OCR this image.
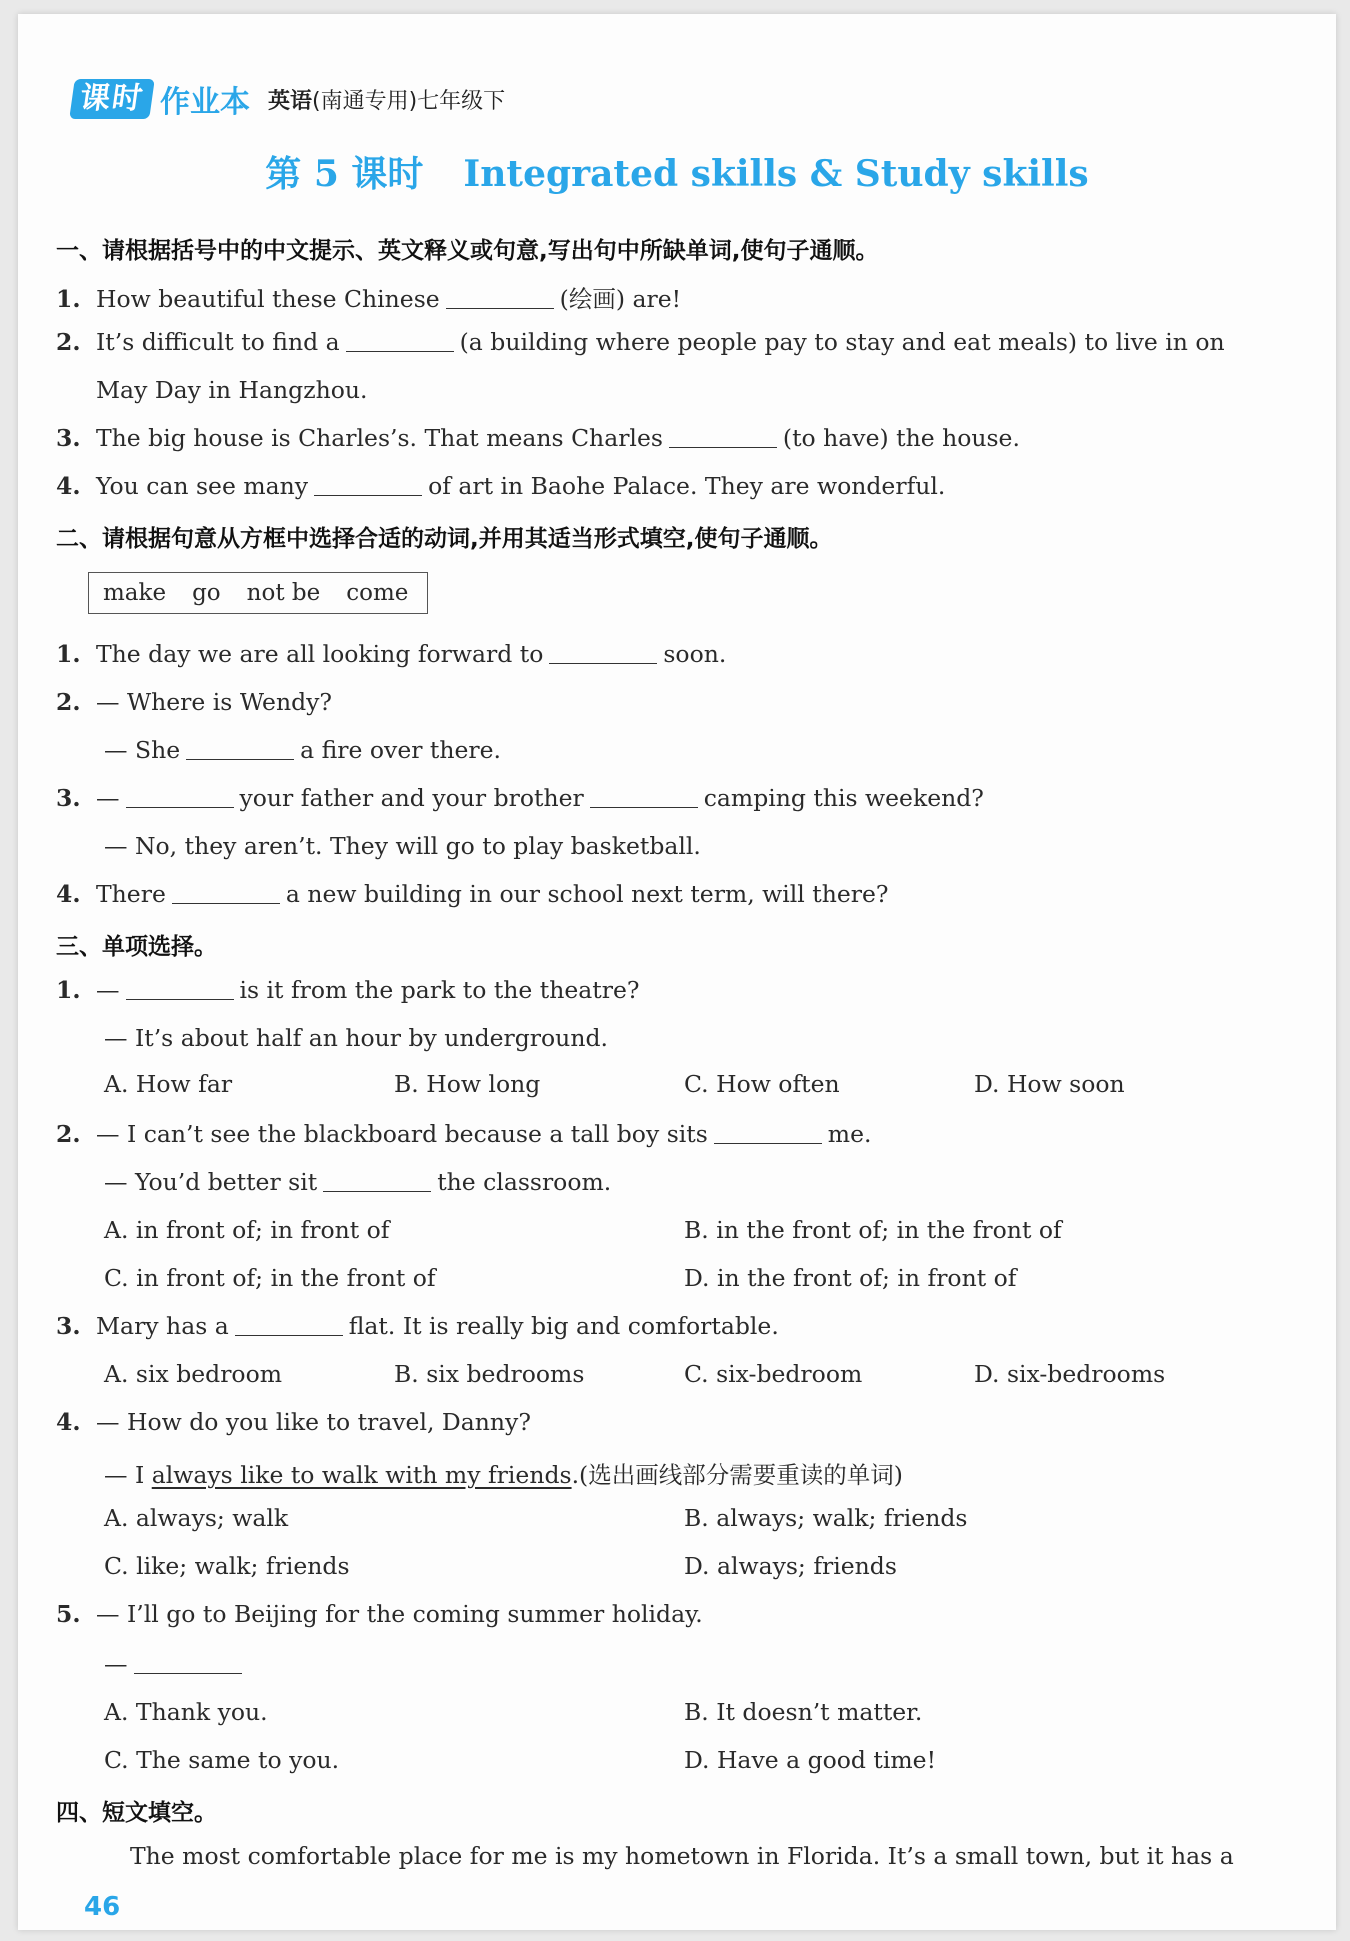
课时 作业本 英语(南通专用)七年级下
第 5 课时 Integrated skills & Study skills
一、请根据括号中的中文提示、英文释义或句意,写出句中所缺单词,使句子通顺。
1. How beautiful these Chinese	(绘画) are!
2. It’s difficult to find a	(a building where people pay to stay and eat meals) to live in on
May Day in Hangzhou.
3. The big house is Charles’s. That means Charles	(to have) the house.
4. You can see many	of art in Baohe Palace. They are wonderful.
二、请根据句意从方框中选择合适的动词,并用其适当形式填空,使句子通顺。
make go not be come
1. The day we are all looking forward to	soon.
2. — Where is Wendy?
— She	a fire over there.
3. —	your father and your brother	camping this weekend?
— No, they aren’t. They will go to play basketball.
4. There	a new building in our school next term, will there?
三、单项选择。
1. —	is it from the park to the theatre?
— It’s about half an hour by underground.
A. How far	B. How long	C. How often	D. How soon
2. — I can’t see the blackboard because a tall boy sits	me.
— You’d better sit	the classroom.
A. in front of; in front of	B. in the front of; in the front of
C. in front of; in the front of	D. in the front of; in front of
3. Mary has a	flat. It is really big and comfortable.
A. six bedroom	B. six bedrooms	C. six-bedroom	D. six-bedrooms
4. — How do you like to travel, Danny?
— I always like to walk with my friends.(选出画线部分需要重读的单词)
A. always; walk	B. always; walk; friends
C. like; walk; friends	D. always; friends
5. — I’ll go to Beijing for the coming summer holiday.
—
A. Thank you.	B. It doesn’t matter.
C. The same to you.	D. Have a good time!
四、短文填空。
The most comfortable place for me is my hometown in Florida. It’s a small town, but it has a
46
